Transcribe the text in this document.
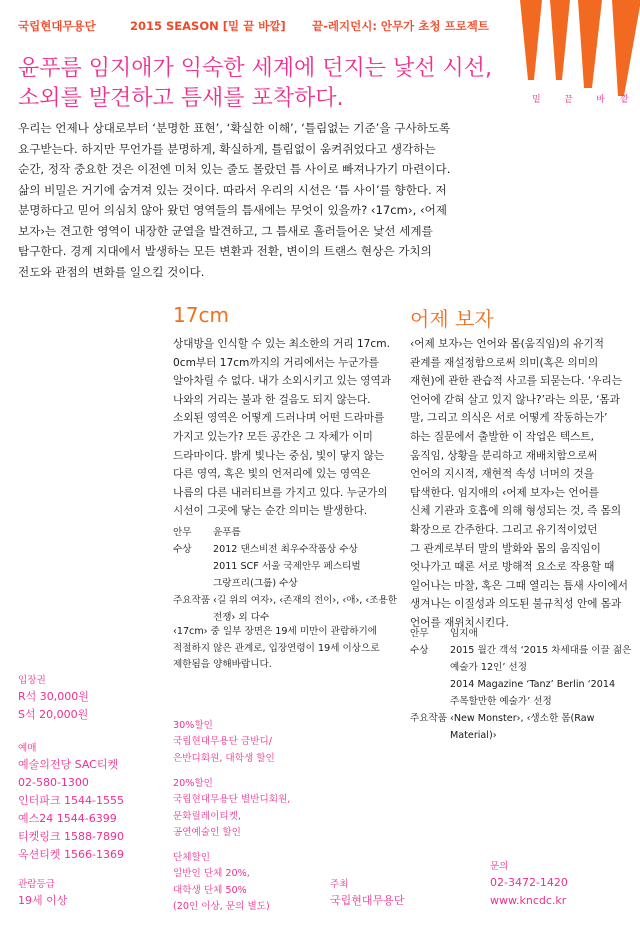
국립현대무용단	2015 SEASON [밑 끝 바깥] 끝-레지던시: 안무가 초청 프로젝트
밑	끝	바 깥
윤푸름 임지애가 익숙한 세계에 던지는 낯선 시선,
소외를 발견하고 틈새를 포착하다.
우리는 언제나 상대로부터 ‘분명한 표현’, ‘확실한 이해’, ‘틀림없는 기준’을 구사하도록
요구받는다. 하지만 무언가를 분명하게, 확실하게, 틀림없이 움켜쥐었다고 생각하는
순간, 정작 중요한 것은 이전엔 미처 있는 줄도 몰랐던 틈 사이로 빠져나가기 마련이다.
삶의 비밀은 거기에 숨겨져 있는 것이다. 따라서 우리의 시선은 ‘틈 사이’를 향한다. 저
분명하다고 믿어 의심치 않아 왔던 영역들의 틈새에는 무엇이 있을까? ‹17cm›, ‹어제
보자›는 견고한 영역이 내장한 균열을 발견하고, 그 틈새로 흘러들어온 낯선 세계를
탐구한다. 경계 지대에서 발생하는 모든 변환과 전환, 변이의 트랜스 현상은 가치의
전도와 관점의 변화를 일으킬 것이다.
17cm
상대방을 인식할 수 있는 최소한의 거리 17cm.
0cm부터 17cm까지의 거리에서는 누군가를
알아차릴 수 없다. 내가 소외시키고 있는 영역과
나와의 거리는 불과 한 걸음도 되지 않는다.
소외된 영역은 어떻게 드러나며 어떤 드라마를
가지고 있는가? 모든 공간은 그 자체가 이미
드라마이다. 밝게 빛나는 중심, 빛이 닿지 않는
다른 영역, 혹은 빛의 언저리에 있는 영역은
나름의 다른 내러티브를 가지고 있다. 누군가의
시선이 그곳에 닿는 순간 의미는 발생한다.
안무	윤푸름

수상	2012 댄스비전 최우수작품상 수상
2011 SCF 서울 국제안무 페스티벌
그랑프리(그룹) 수상

주요작품	‹길 위의 여자›, ‹존재의 전이›, ‹애›, ‹조용한
전쟁› 외 다수
‹17cm› 중 일부 장면은 19세 미만이 관람하기에
적절하지 않은 관계로, 입장연령이 19세 이상으로
제한됨을 양해바랍니다.
어제 보자
‹어제 보자›는 언어와 몸(움직임)의 유기적
관계를 재설정함으로써 의미(혹은 의미의
재현)에 관한 관습적 사고를 되묻는다. ‘우리는
언어에 갇혀 살고 있지 않나?’라는 의문, ‘몸과
말, 그리고 의식은 서로 어떻게 작동하는가’
하는 질문에서 출발한 이 작업은 텍스트,
움직임, 상황을 분리하고 재배치함으로써
언어의 지시적, 재현적 속성 너머의 것을
탐색한다. 임지애의 ‹어제 보자›는 언어를
신체 기관과 호흡에 의해 형성되는 것, 즉 몸의
확장으로 간주한다. 그리고 유기적이었던
그 관계로부터 말의 발화와 몸의 움직임이
엇나가고 때론 서로 방해적 요소로 작용할 때
일어나는 마찰, 혹은 그때 열리는 틈새 사이에서
생겨나는 이질성과 의도된 불규칙성 안에 몸과
언어를 재위치시킨다.
안무	임지애

수상	2015 월간 객석 ‘2015 차세대를 이끌 젊은
예술가 12인’ 선정
2014 Magazine ‘Tanz’ Berlin ‘2014
주목할만한 예술가’ 선정

주요작품	‹New Monster›, ‹생소한 몸(Raw Material)›
입장권
R석 30,000원
S석 20,000원
예매
예술의전당 SAC티켓
02-580-1300
인터파크 1544-1555
예스24 1544-6399
티켓링크 1588-7890
옥션티켓 1566-1369
관람등급
19세 이상
30%할인
국립현대무용단 금반디/
은반디회원, 대학생 할인
20%할인
국립현대무용단 별반디회원,
문화릴레이티켓,
공연예술인 할인
단체할인
일반인 단체 20%,
대학생 단체 50%
(20인 이상, 문의 별도)
주최
국립현대무용단
문의
02-3472-1420
www.kncdc.kr
